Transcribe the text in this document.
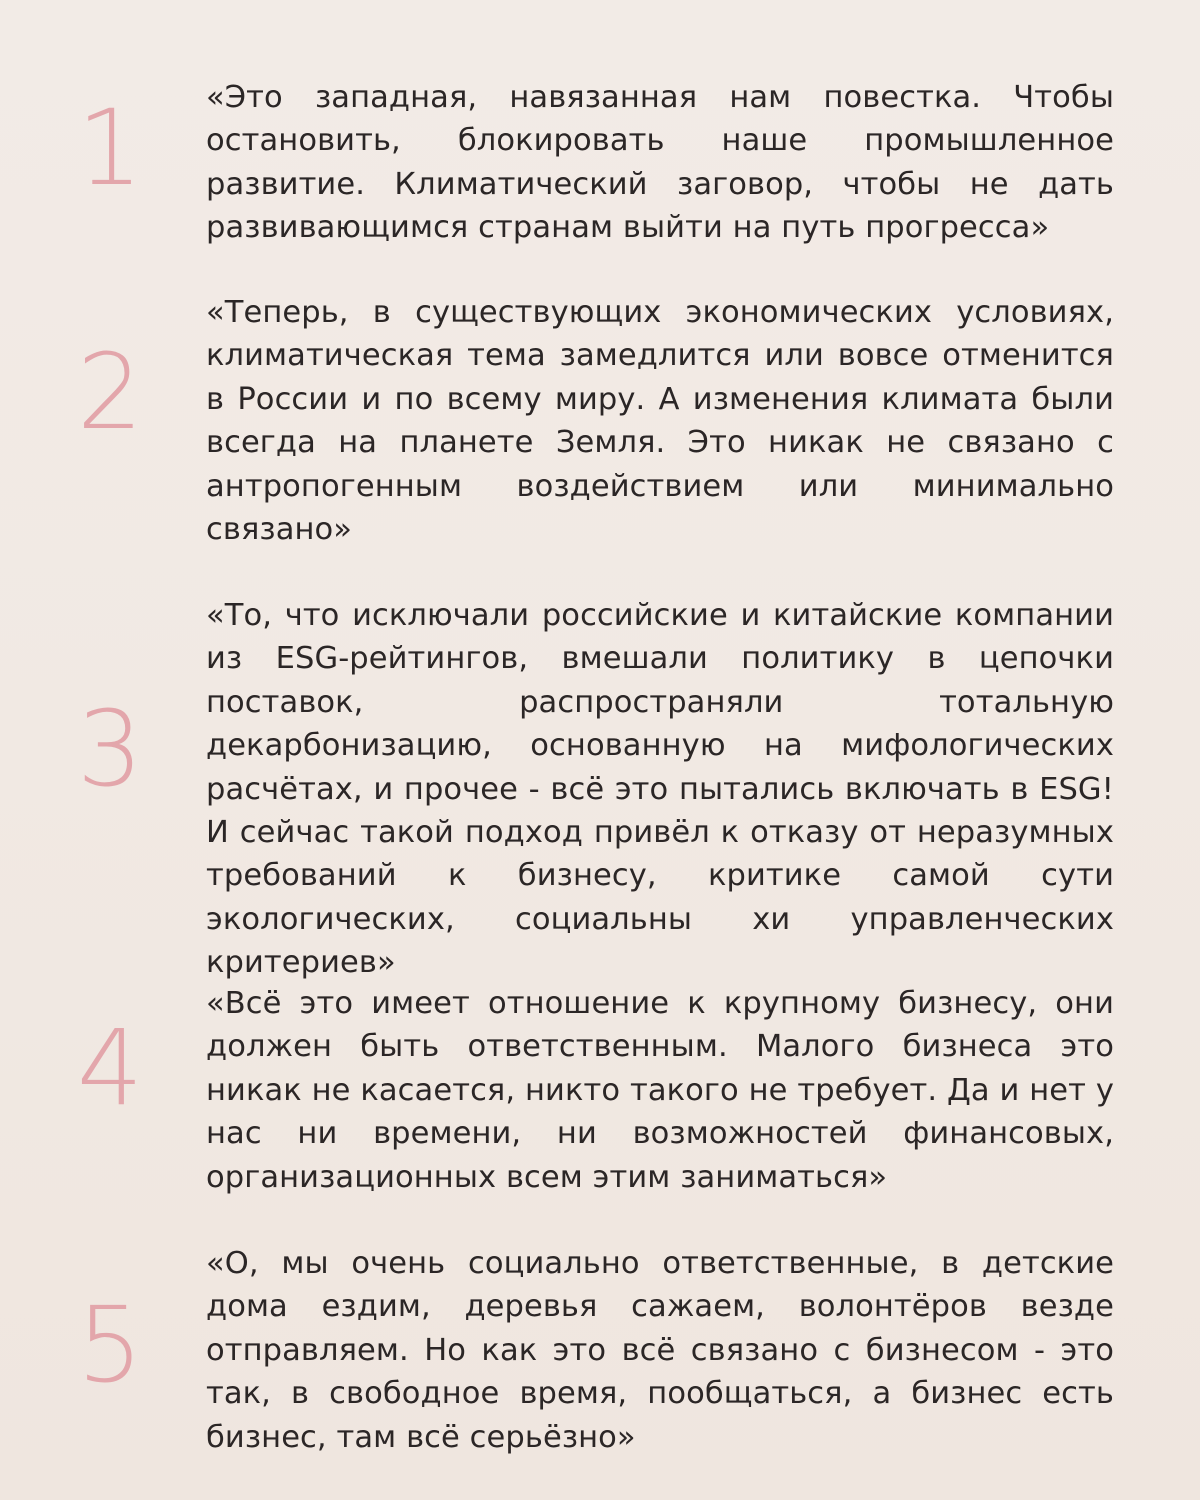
1	«Это западная, навязанная нам повестка. Чтобы остановить, блокировать наше промышленное развитие. Климатический заговор, чтобы не дать развивающимся странам выйти на путь прогресса»

2

«Теперь, в существующих экономических условиях, климатическая тема замедлится или вовсе отменится в России и по всему миру. А изменения климата были всегда на планете Земля. Это никак не связано с антропогенным воздействием или минимально связано»

3

«То, что исключали российские и китайские компании из ESG-рейтингов, вмешали политику в цепочки поставок, распространяли тотальную декарбонизацию, основанную на мифологических расчётах, и прочее - всё это пытались включать в ESG! И сейчас такой подход привёл к отказу от неразумных требований к бизнесу, критике самой сути экологических, социальны хи управленческих критериев»

4

«Всё это имеет отношение к крупному бизнесу, они должен быть ответственным. Малого бизнеса это никак не касается, никто такого не требует. Да и нет у нас ни времени, ни возможностей финансовых, организационных всем этим заниматься»

5

«О, мы очень социально ответственные, в детские дома ездим, деревья сажаем, волонтёров везде отправляем. Но как это всё связано с бизнесом - это так, в свободное время, пообщаться, а бизнес есть бизнес, там всё серьёзно»
